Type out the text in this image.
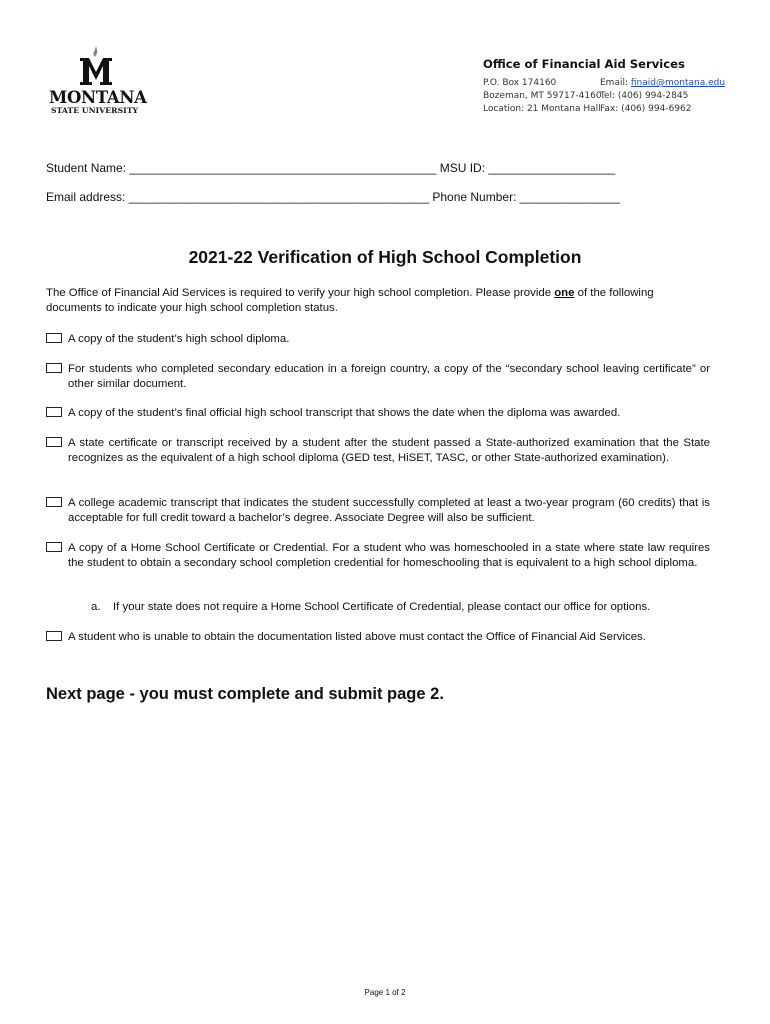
MONTANA
STATE UNIVERSITY
Office of Financial Aid Services
P.O. Box 174160	Email: finaid@montana.edu
Bozeman, MT 59717-4160
Tel: (406) 994-2845
Location: 21 Montana Hall Fax: (406) 994-6962
Student Name: ______________________________________________ MSU ID: ___________________
Email address: _____________________________________________ Phone Number: _______________
2021-22 Verification of High School Completion
The Office of Financial Aid Services is required to verify your high school completion. Please provide one of the following documents to indicate your high school completion status.
A copy of the student’s high school diploma.
For students who completed secondary education in a foreign country, a copy of the “secondary school leaving certificate” or other similar document.
A copy of the student’s final official high school transcript that shows the date when the diploma was awarded.
A state certificate or transcript received by a student after the student passed a State-authorized examination that the State recognizes as the equivalent of a high school diploma (GED test, HiSET, TASC, or other State-authorized examination).
A college academic transcript that indicates the student successfully completed at least a two-year program (60 credits) that is acceptable for full credit toward a bachelor’s degree. Associate Degree will also be sufficient.
A copy of a Home School Certificate or Credential. For a student who was homeschooled in a state where state law requires the student to obtain a secondary school completion credential for homeschooling that is equivalent to a high school diploma.
a. If your state does not require a Home School Certificate of Credential, please contact our office for options.
A student who is unable to obtain the documentation listed above must contact the Office of Financial Aid Services.
Next page - you must complete and submit page 2.
Page 1 of 2
